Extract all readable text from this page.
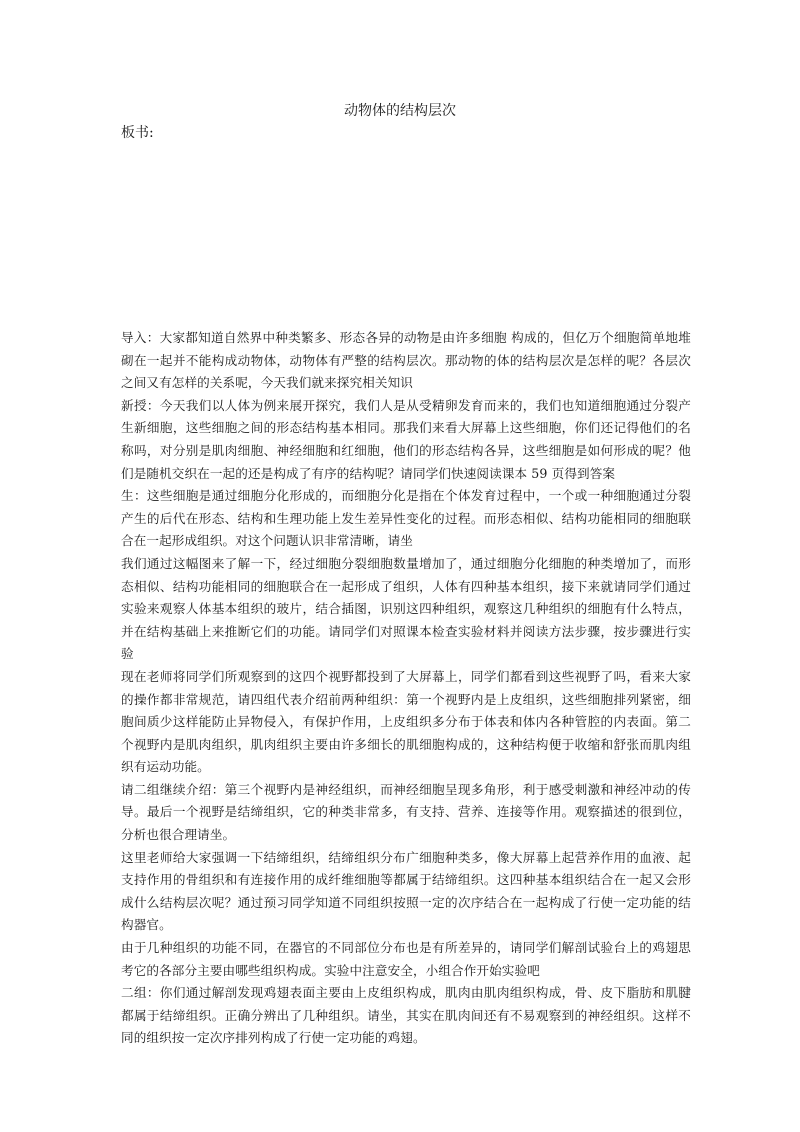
动物体的结构层次
板书:

导入：大家都知道自然界中种类繁多、形态各异的动物是由许多细胞 构成的，但亿万个细胞简单地堆砌在一起并不能构成动物体，动物体有严整的结构层次。那动物的体的结构层次是怎样的呢？各层次之间又有怎样的关系呢，今天我们就来探究相关知识

新授：今天我们以人体为例来展开探究，我们人是从受精卵发育而来的，我们也知道细胞通过分裂产生新细胞，这些细胞之间的形态结构基本相同。那我们来看大屏幕上这些细胞，你们还记得他们的名称吗，对分别是肌肉细胞、神经细胞和红细胞，他们的形态结构各异，这些细胞是如何形成的呢？他们是随机交织在一起的还是构成了有序的结构呢？请同学们快速阅读课本 59 页得到答案

生：这些细胞是通过细胞分化形成的，而细胞分化是指在个体发育过程中，一个或一种细胞通过分裂产生的后代在形态、结构和生理功能上发生差异性变化的过程。而形态相似、结构功能相同的细胞联合在一起形成组织。对这个问题认识非常清晰，请坐

我们通过这幅图来了解一下，经过细胞分裂细胞数量增加了，通过细胞分化细胞的种类增加了，而形态相似、结构功能相同的细胞联合在一起形成了组织，人体有四种基本组织，接下来就请同学们通过实验来观察人体基本组织的玻片，结合插图，识别这四种组织，观察这几种组织的细胞有什么特点，并在结构基础上来推断它们的功能。请同学们对照课本检查实验材料并阅读方法步骤，按步骤进行实验

现在老师将同学们所观察到的这四个视野都投到了大屏幕上，同学们都看到这些视野了吗，看来大家的操作都非常规范，请四组代表介绍前两种组织：第一个视野内是上皮组织，这些细胞排列紧密，细胞间质少这样能防止异物侵入，有保护作用，上皮组织多分布于体表和体内各种管腔的内表面。第二个视野内是肌肉组织，肌肉组织主要由许多细长的肌细胞构成的，这种结构便于收缩和舒张而肌肉组织有运动功能。

请二组继续介绍：第三个视野内是神经组织，而神经细胞呈现多角形，利于感受刺激和神经冲动的传导。最后一个视野是结缔组织，它的种类非常多，有支持、营养、连接等作用。观察描述的很到位，分析也很合理请坐。

这里老师给大家强调一下结缔组织，结缔组织分布广细胞种类多，像大屏幕上起营养作用的血液、起支持作用的骨组织和有连接作用的成纤维细胞等都属于结缔组织。这四种基本组织结合在一起又会形成什么结构层次呢？通过预习同学知道不同组织按照一定的次序结合在一起构成了行使一定功能的结构器官。

由于几种组织的功能不同，在器官的不同部位分布也是有所差异的，请同学们解剖试验台上的鸡翅思考它的各部分主要由哪些组织构成。实验中注意安全，小组合作开始实验吧

二组：你们通过解剖发现鸡翅表面主要由上皮组织构成，肌肉由肌肉组织构成，骨、皮下脂肪和肌腱都属于结缔组织。正确分辨出了几种组织。请坐，其实在肌肉间还有不易观察到的神经组织。这样不同的组织按一定次序排列构成了行使一定功能的鸡翅。
